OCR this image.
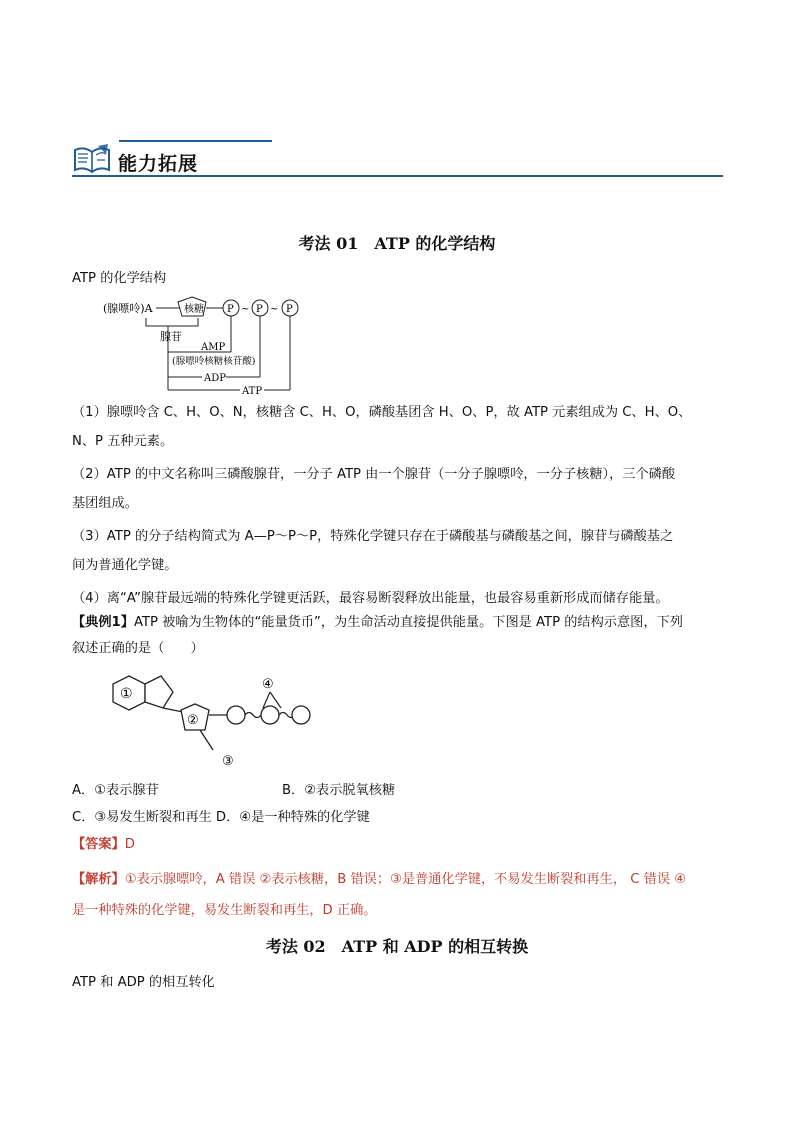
能力拓展
考法 01　ATP 的化学结构
ATP 的化学结构
(腺嘌呤)A	核糖 P ~ P ~ P
腺苷
AMP
(腺嘌呤核糖核苷酸)
ADP
ATP
（1）腺嘌呤含 C、H、O、N，核糖含 C、H、O，磷酸基团含 H、O、P，故 ATP 元素组成为 C、H、O、
N、P 五种元素。
（2）ATP 的中文名称叫三磷酸腺苷，一分子 ATP 由一个腺苷（一分子腺嘌呤，一分子核糖），三个磷酸
基团组成。
（3）ATP 的分子结构简式为 A—P～P～P，特殊化学键只存在于磷酸基与磷酸基之间，腺苷与磷酸基之
间为普通化学键。
（4）离“A”腺苷最远端的特殊化学键更活跃，最容易断裂释放出能量，也最容易重新形成而储存能量。
【典例1】ATP 被喻为生物体的“能量货币”，为生命活动直接提供能量。下图是 ATP 的结构示意图，下列
叙述正确的是（　　）
①
②
③
④
A．①表示腺苷	B．②表示脱氧核糖
C．③易发生断裂和再生 D．④是一种特殊的化学键
【答案】D
【解析】①表示腺嘌呤，A 错误 ②表示核糖，B 错误；③是普通化学键，不易发生断裂和再生， C 错误 ④
是一种特殊的化学键，易发生断裂和再生，D 正确。
考法 02　ATP 和 ADP 的相互转换
ATP 和 ADP 的相互转化
